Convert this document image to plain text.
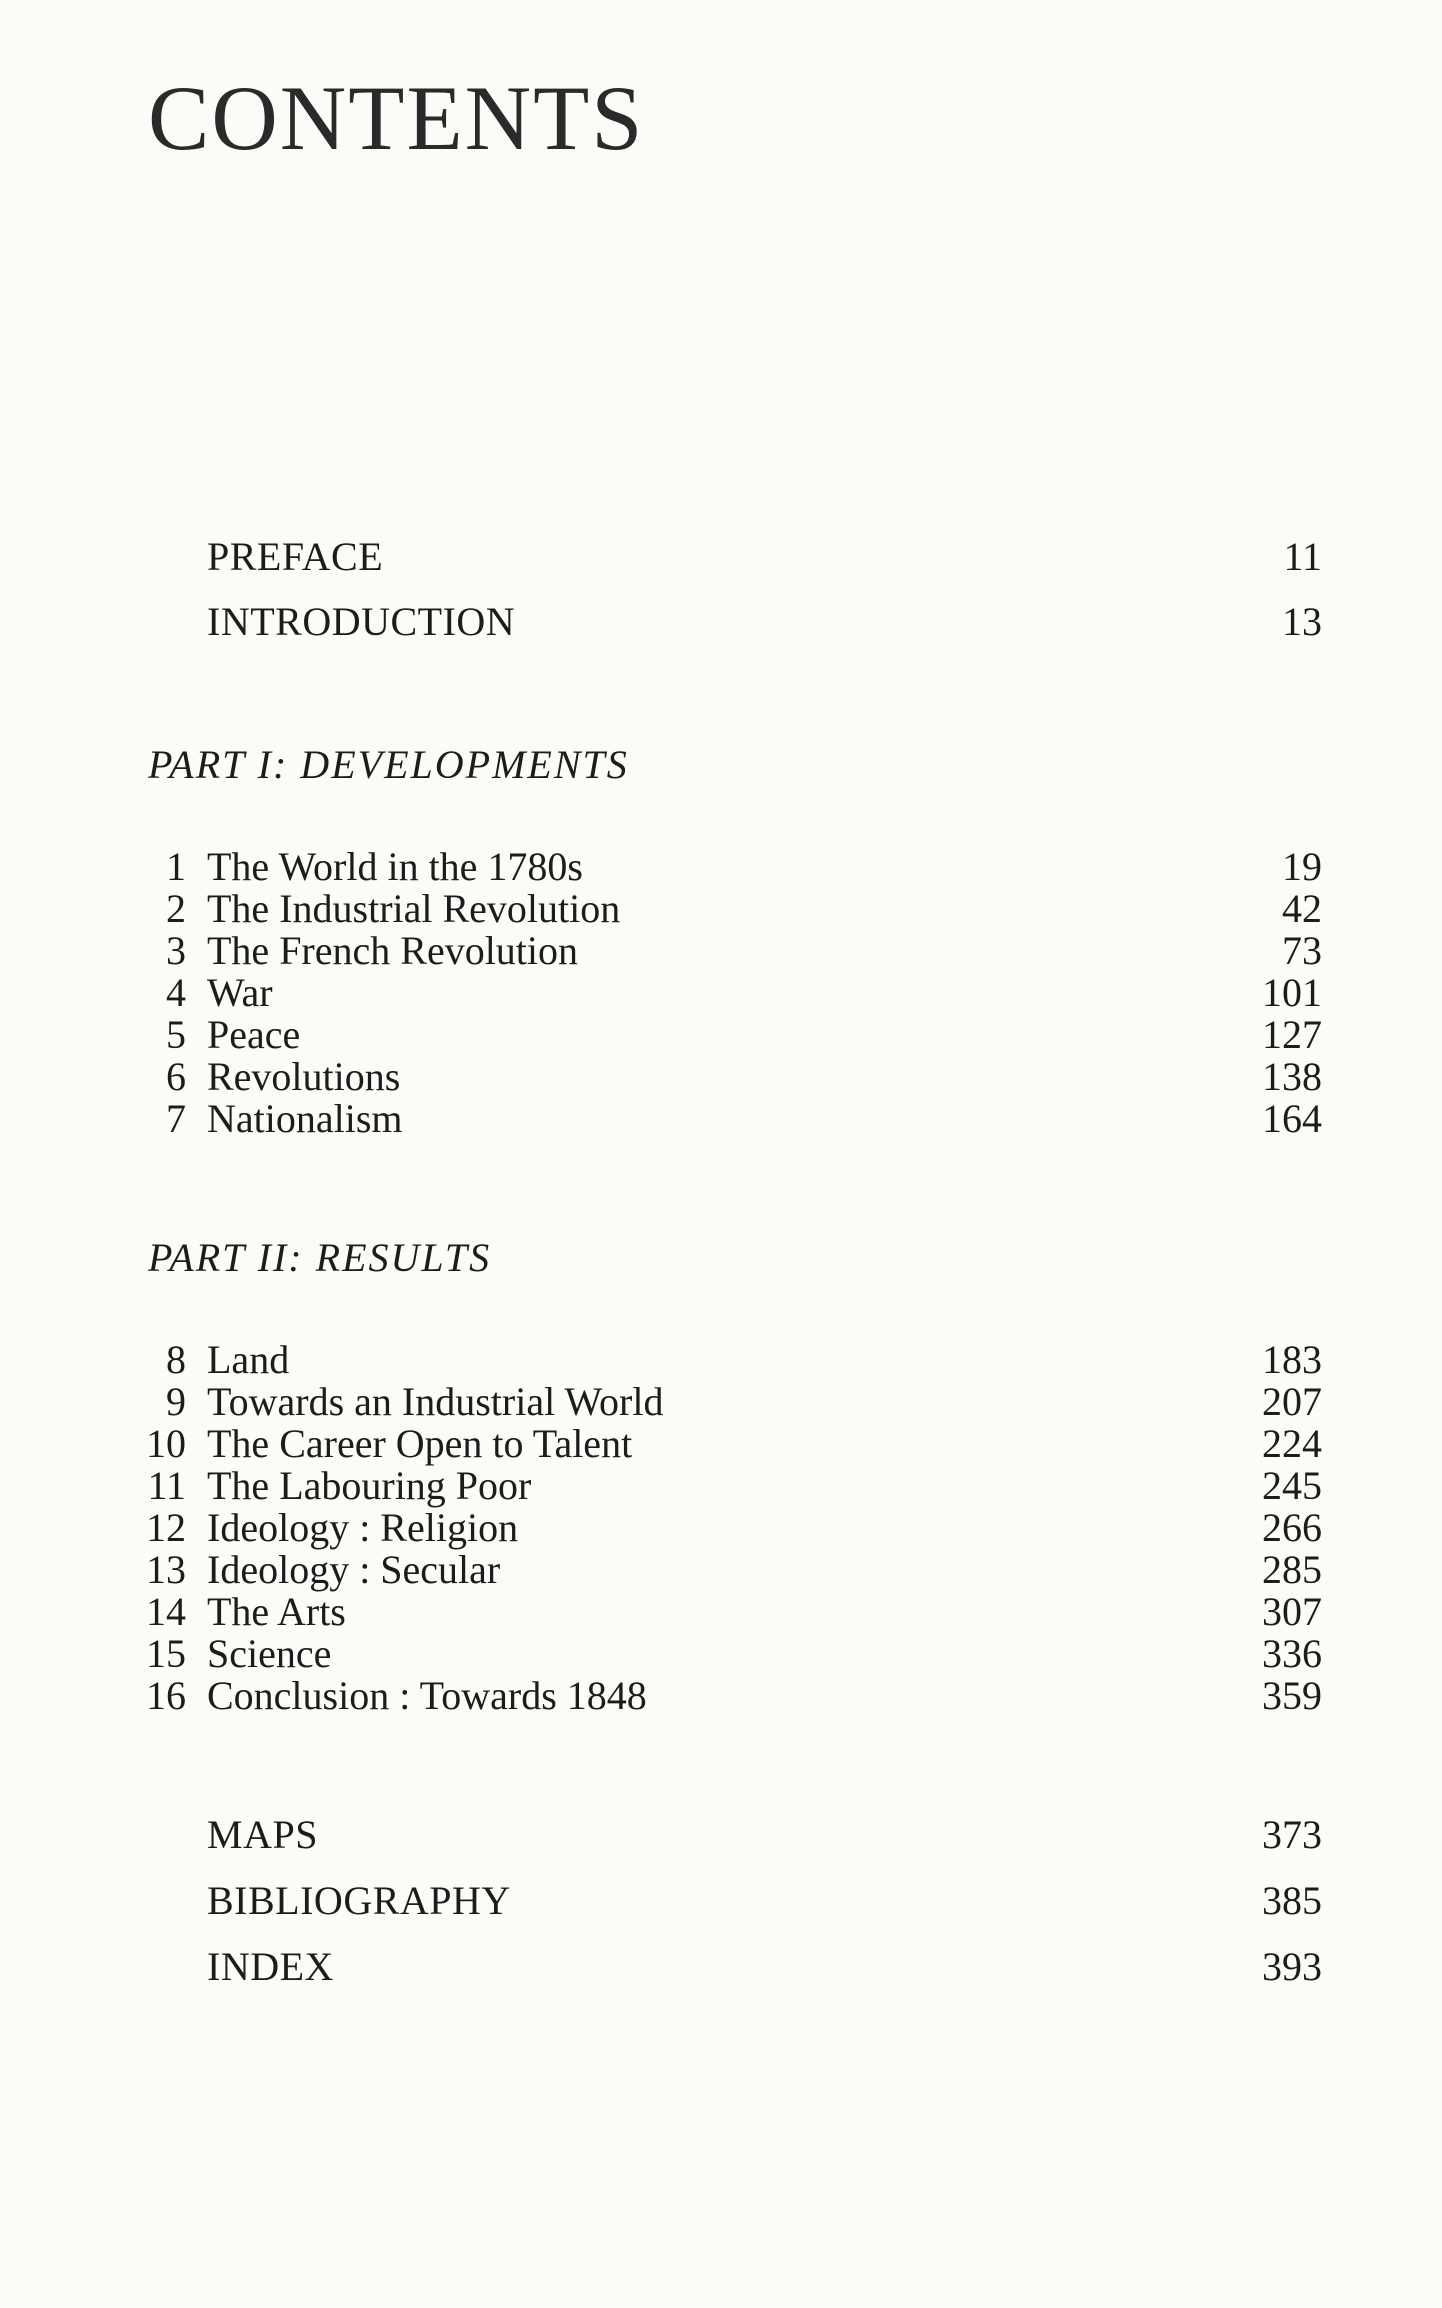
CONTENTS
PREFACE	11
INTRODUCTION	13
PART I: DEVELOPMENTS
1 The World in the 1780s	19
2 The Industrial Revolution	42
3 The French Revolution	73
4 War	101
5 Peace	127
6 Revolutions	138
7 Nationalism	164
PART II: RESULTS
8 Land	183
9 Towards an Industrial World	207
10 The Career Open to Talent	224
11 The Labouring Poor	245
12 Ideology : Religion	266
13 Ideology : Secular	285
14 The Arts	307
15 Science	336
16 Conclusion : Towards 1848	359
MAPS	373
BIBLIOGRAPHY	385
INDEX	393
